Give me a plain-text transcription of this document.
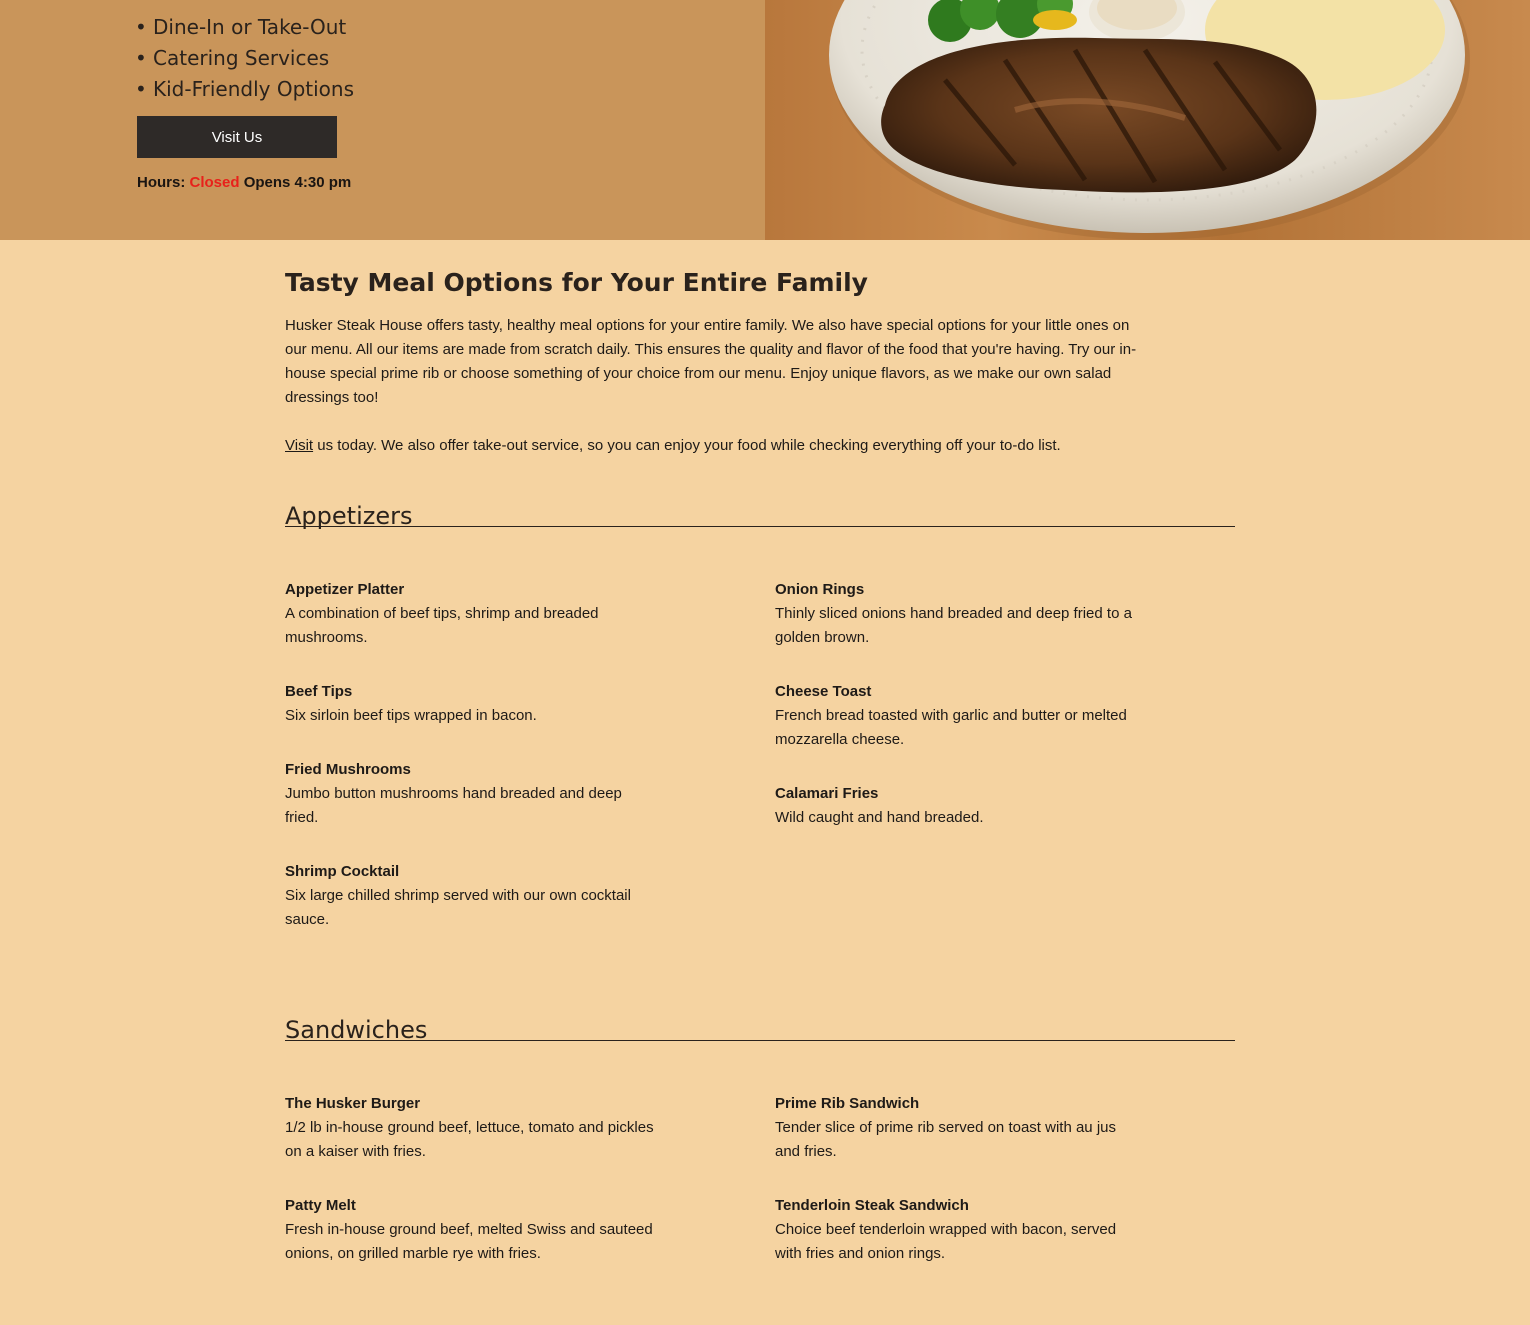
• Dine-In or Take-Out
• Catering Services
• Kid-Friendly Options
Visit Us
Hours: Closed Opens 4:30 pm
Tasty Meal Options for Your Entire Family

Husker Steak House offers tasty, healthy meal options for your entire family. We also have special options for your little ones on our menu. All our items are made from scratch daily. This ensures the quality and flavor of the food that you're having. Try our in-house special prime rib or choose something of your choice from our menu. Enjoy unique flavors, as we make our own salad dressings too!

Visit us today. We also offer take-out service, so you can enjoy your food while checking everything off your to-do list.

Appetizers
Appetizer Platter
A combination of beef tips, shrimp and breaded mushrooms.
Beef Tips
Six sirloin beef tips wrapped in bacon.
Fried Mushrooms
Jumbo button mushrooms hand breaded and deep fried.
Shrimp Cocktail
Six large chilled shrimp served with our own cocktail sauce.
Onion Rings
Thinly sliced onions hand breaded and deep fried to a golden brown.
Cheese Toast
French bread toasted with garlic and butter or melted mozzarella cheese.
Calamari Fries
Wild caught and hand breaded.
Sandwiches
The Husker Burger
1/2 lb in-house ground beef, lettuce, tomato and pickles on a kaiser with fries.
Patty Melt
Fresh in-house ground beef, melted Swiss and sauteed onions, on grilled marble rye with fries.
Prime Rib Sandwich
Tender slice of prime rib served on toast with au jus and fries.
Tenderloin Steak Sandwich
Choice beef tenderloin wrapped with bacon, served with fries and onion rings.
